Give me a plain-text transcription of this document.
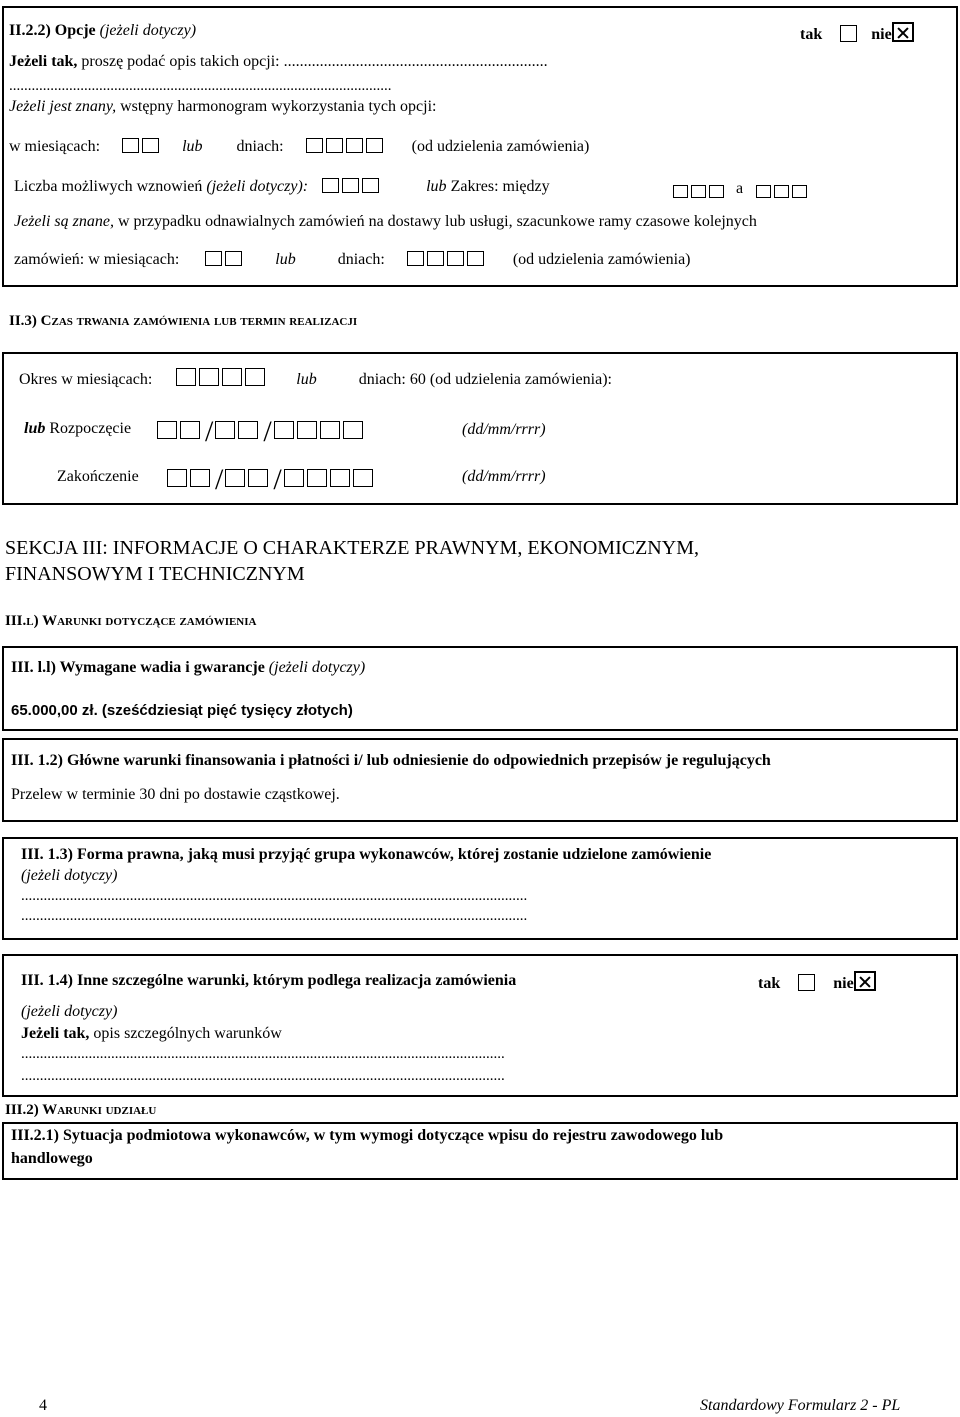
II.2.2) Opcje (jeżeli dotyczy)	tak	nie
Jeżeli tak, proszę podać opis takich opcji: ..................................................................
......................................................................................................
Jeżeli jest znany, wstępny harmonogram wykorzystania tych opcji:
w miesiącach:	lub dniach:	(od udzielenia zamówienia)
Liczba możliwych wznowień (jeżeli dotyczy):	lub Zakres: między	a
Jeżeli są znane, w przypadku odnawialnych zamówień na dostawy lub usługi, szacunkowe ramy czasowe kolejnych
zamówień: w miesiącach:	lub	dniach:	(od udzielenia zamówienia)
II.3) Czas trwania zamówienia lub termin realizacji
Okres w miesiącach:	lub	dniach: 60 (od udzielenia zamówienia):
lub Rozpoczęcie	/ /	(dd/mm/rrrr)
Zakończenie	/ /	(dd/mm/rrrr)
SEKCJA III: INFORMACJE O CHARAKTERZE PRAWNYM, EKONOMICZNYM,
FINANSOWYM I TECHNICZNYM
III.l) Warunki dotyczące zamówienia
III. l.l) Wymagane wadia i gwarancje (jeżeli dotyczy)
65.000,00 zł. (sześćdziesiąt pięć tysięcy złotych)
III. 1.2) Główne warunki finansowania i płatności i/ lub odniesienie do odpowiednich przepisów je regulujących
Przelew w terminie 30 dni po dostawie cząstkowej.
III. 1.3) Forma prawna, jaką musi przyjąć grupa wykonawców, której zostanie udzielone zamówienie
(jeżeli dotyczy)
.......................................................................................................................................
.......................................................................................................................................
III. 1.4) Inne szczególne warunki, którym podlega realizacja zamówienia	tak	nie
(jeżeli dotyczy)
Jeżeli tak, opis szczególnych warunków
.................................................................................................................................
.................................................................................................................................
III.2) Warunki udziału
III.2.1) Sytuacja podmiotowa wykonawców, w tym wymogi dotyczące wpisu do rejestru zawodowego lub
handlowego
4	Standardowy Formularz 2 - PL
